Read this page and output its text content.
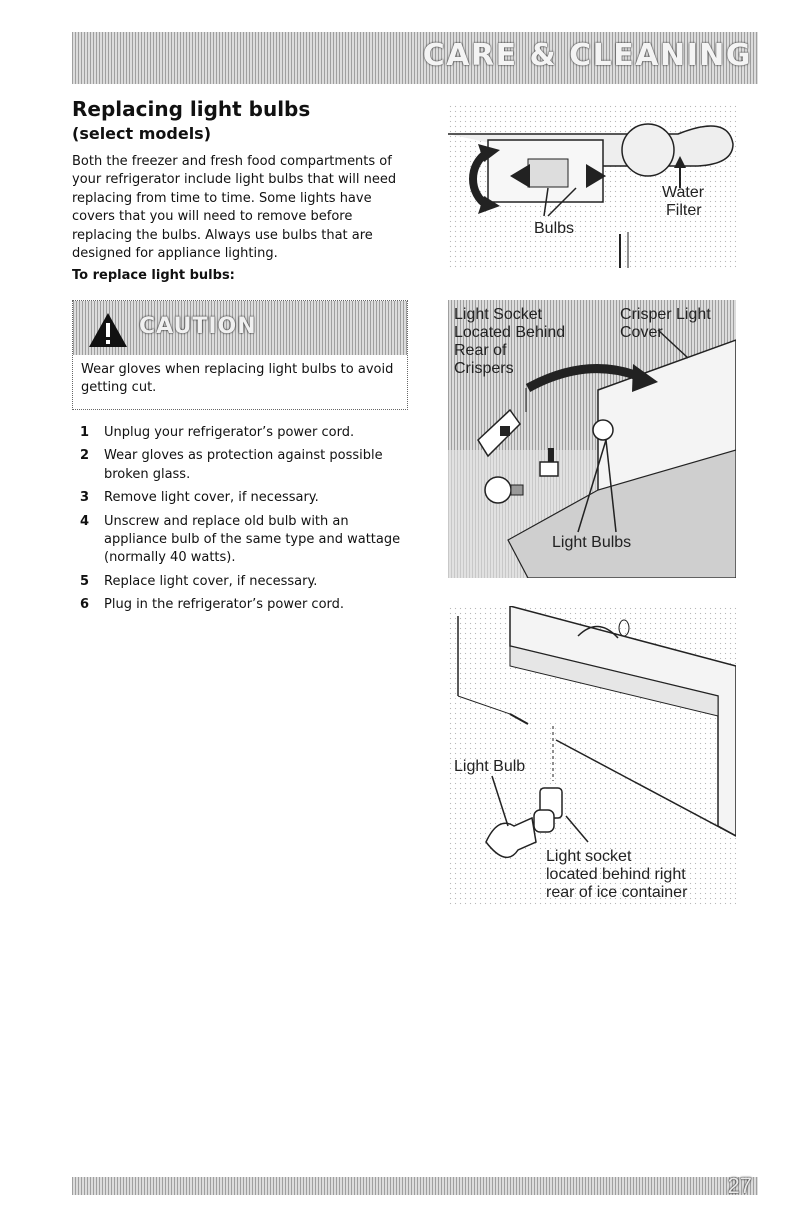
CARE & CLEANING
Replacing light bulbs
(select models)

Both the freezer and fresh food compartments of your refrigerator include light bulbs that will need replacing from time to time. Some lights have covers that you will need to remove before replacing the bulbs. Always use bulbs that are designed for appliance lighting.

To replace light bulbs:

CAUTION
Wear gloves when replacing light bulbs to avoid getting cut.
1 Unplug your refrigerator’s power cord.
2 Wear gloves as protection against possible broken glass.
3 Remove light cover, if necessary.
4 Unscrew and replace old bulb with an appliance bulb of the same type and wattage (normally 40 watts).
5 Replace light cover, if necessary.
6 Plug in the refrigerator’s power cord.
Bulbs
Water
Filter
Light Socket
Located Behind
Rear of
Crispers
Crisper Light
Cover
Light Bulbs
Light Bulb
Light socket
located behind right
rear of ice container
27
